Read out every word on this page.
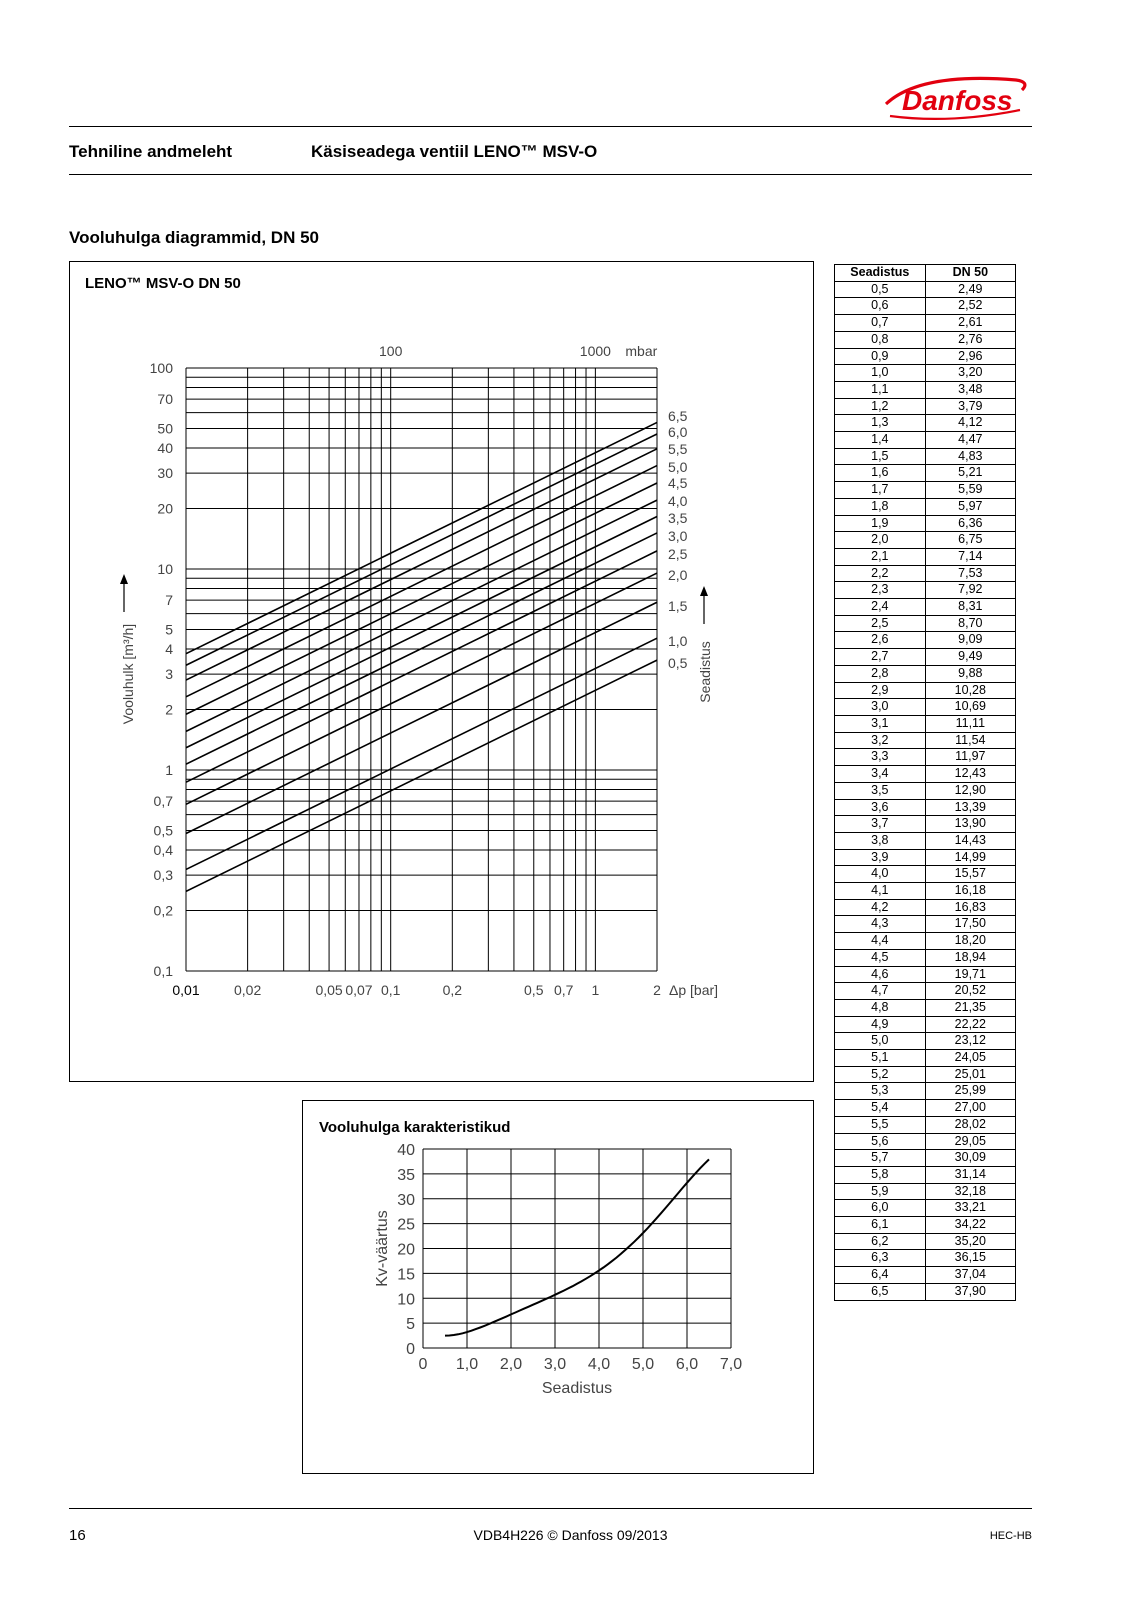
Danfoss
Tehniline andmeleht	Käsiseadega ventiil LENO™ MSV-O
Vooluhulga diagrammid, DN 50
LENO™ MSV-O DN 50
100
70
50
40
30
20
10
7
5
4
3
2
1
0,7
0,5
0,4
0,3
0,2
0,1
0,01 0,02	0,05 0,07 0,1	0,2	0,5 0,7 1	2 Δp [bar]
100	1000 mbar
6,5
6,0
5,5
5,0
4,5
4,0
3,5
3,0
2,5
2,0
1,5
1,0
0,5
Vooluhulk [m³/h]	Seadistus
Vooluhulga karakteristikud
0
5
10
15
20
25
30
35
40
0 1,0 2,0 3,0 4,0 5,0 6,0 7,0
Seadistus
Kv-väärtus
Seadistus	DN 50
0,5	2,49
0,6	2,52
0,7	2,61
0,8	2,76
0,9	2,96
1,0	3,20
1,1	3,48
1,2	3,79
1,3	4,12
1,4	4,47
1,5	4,83
1,6	5,21
1,7	5,59
1,8	5,97
1,9	6,36
2,0	6,75
2,1	7,14
2,2	7,53
2,3	7,92
2,4	8,31
2,5	8,70
2,6	9,09
2,7	9,49
2,8	9,88
2,9	10,28
3,0	10,69
3,1	11,11
3,2	11,54
3,3	11,97
3,4	12,43
3,5	12,90
3,6	13,39
3,7	13,90
3,8	14,43
3,9	14,99
4,0	15,57
4,1	16,18
4,2	16,83
4,3	17,50
4,4	18,20
4,5	18,94
4,6	19,71
4,7	20,52
4,8	21,35
4,9	22,22
5,0	23,12
5,1	24,05
5,2	25,01
5,3	25,99
5,4	27,00
5,5	28,02
5,6	29,05
5,7	30,09
5,8	31,14
5,9	32,18
6,0	33,21
6,1	34,22
6,2	35,20
6,3	36,15
6,4	37,04
6,5	37,90
16	VDB4H226 © Danfoss 09/2013	HEC-HB
